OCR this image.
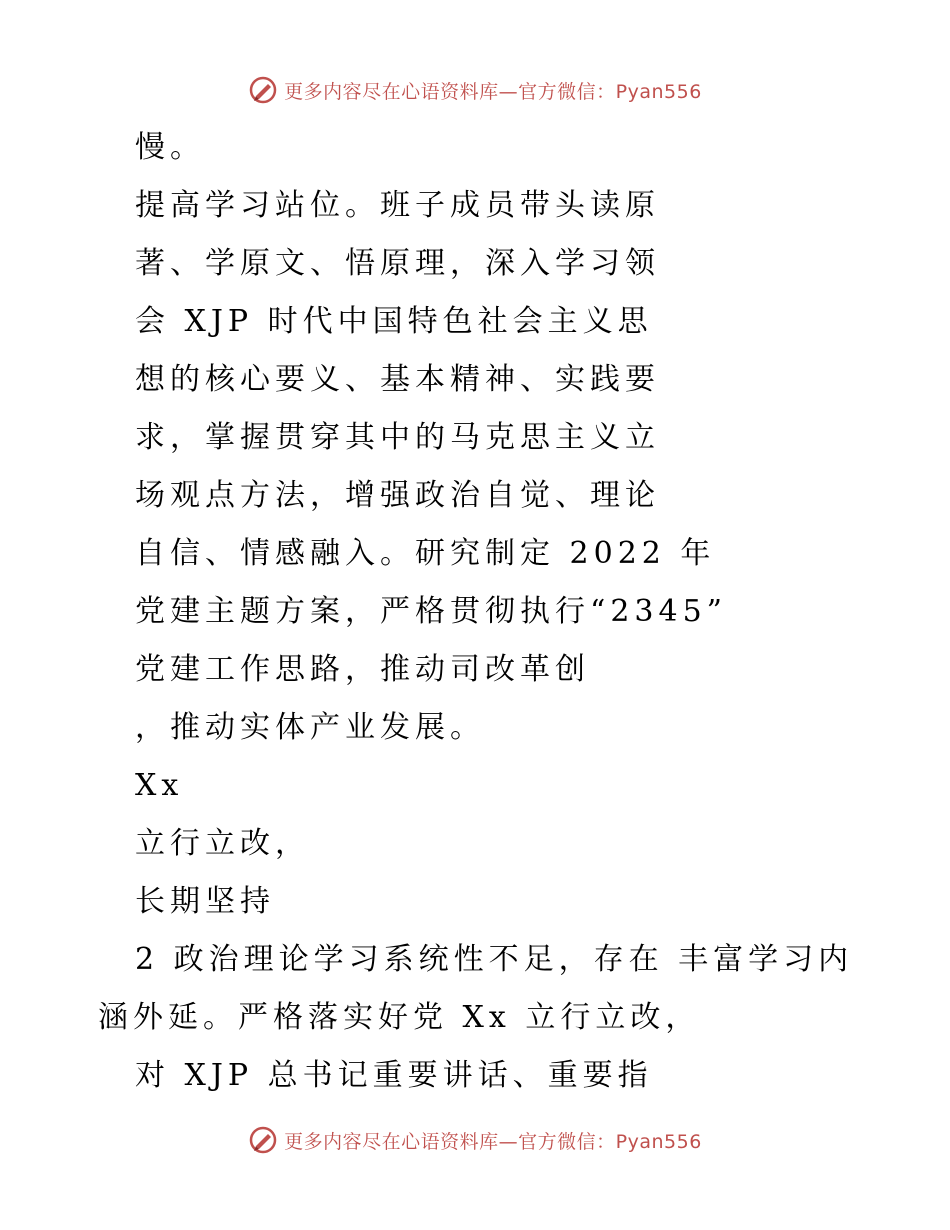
更多内容尽在心语资料库—官方微信：Pyan556
慢。
提高学习站位。班子成员带头读原
著、学原文、悟原理，深入学习领
会 XJP 时代中国特色社会主义思
想的核心要义、基本精神、实践要
求，掌握贯穿其中的马克思主义立
场观点方法，增强政治自觉、理论
自信、情感融入。研究制定 2022 年
党建主题方案，严格贯彻执行“2345”
党建工作思路，推动司改革创
，推动实体产业发展。
Xx
立行立改，
长期坚持
2 政治理论学习系统性不足，存在 丰富学习内
涵外延。严格落实好党 Xx 立行立改，
对 XJP 总书记重要讲话、重要指
更多内容尽在心语资料库—官方微信：Pyan556
